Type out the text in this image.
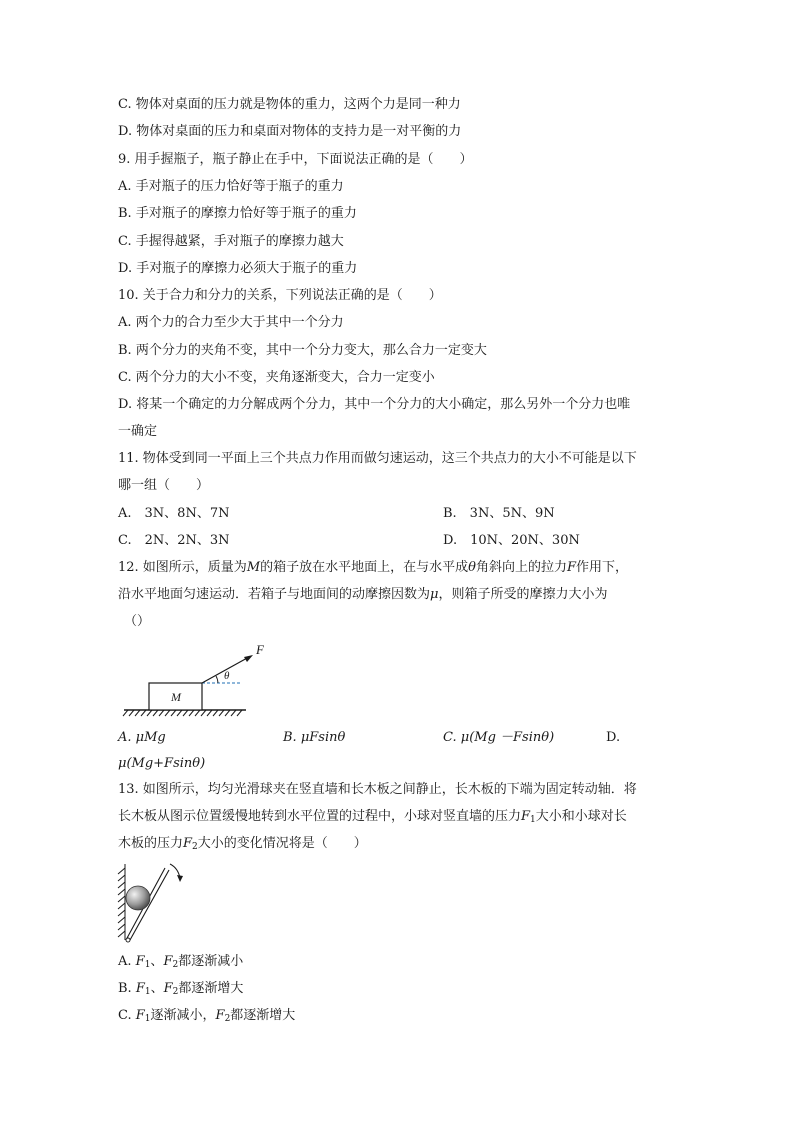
C. 物体对桌面的压力就是物体的重力，这两个力是同一种力
D. 物体对桌面的压力和桌面对物体的支持力是一对平衡的力
9. 用手握瓶子，瓶子静止在手中，下面说法正确的是（　　）
A. 手对瓶子的压力恰好等于瓶子的重力
B. 手对瓶子的摩擦力恰好等于瓶子的重力
C. 手握得越紧，手对瓶子的摩擦力越大
D. 手对瓶子的摩擦力必须大于瓶子的重力
10. 关于合力和分力的关系，下列说法正确的是（　　）
A. 两个力的合力至少大于其中一个分力
B. 两个分力的夹角不变，其中一个分力变大，那么合力一定变大
C. 两个分力的大小不变，夹角逐渐变大，合力一定变小
D. 将某一个确定的力分解成两个分力，其中一个分力的大小确定，那么另外一个分力也唯
一确定
11. 物体受到同一平面上三个共点力作用而做匀速运动，这三个共点力的大小不可能是以下
哪一组（　　）
A.　3N、8N、7N	B.　3N、5N、9N
C.　2N、2N、3N	D.　10N、20N、30N
12. 如图所示，质量为M的箱子放在水平地面上，在与水平成θ角斜向上的拉力F作用下，
沿水平地面匀速运动．若箱子与地面间的动摩擦因数为μ，则箱子所受的摩擦力大小为
（）
M
F
θ
A. μMg	B. μFsinθ	C. μ(Mg －Fsinθ)	D.
μ(Mg+Fsinθ)
13. 如图所示，均匀光滑球夹在竖直墙和长木板之间静止，长木板的下端为固定转动轴．将
长木板从图示位置缓慢地转到水平位置的过程中，小球对竖直墙的压力$F_1$大小和小球对长
木板的压力$F_2$大小的变化情况将是（　　）
A. $F_1$、$F_2$都逐渐减小
B. $F_1$、$F_2$都逐渐增大
C. $F_1$逐渐减小，$F_2$都逐渐增大
